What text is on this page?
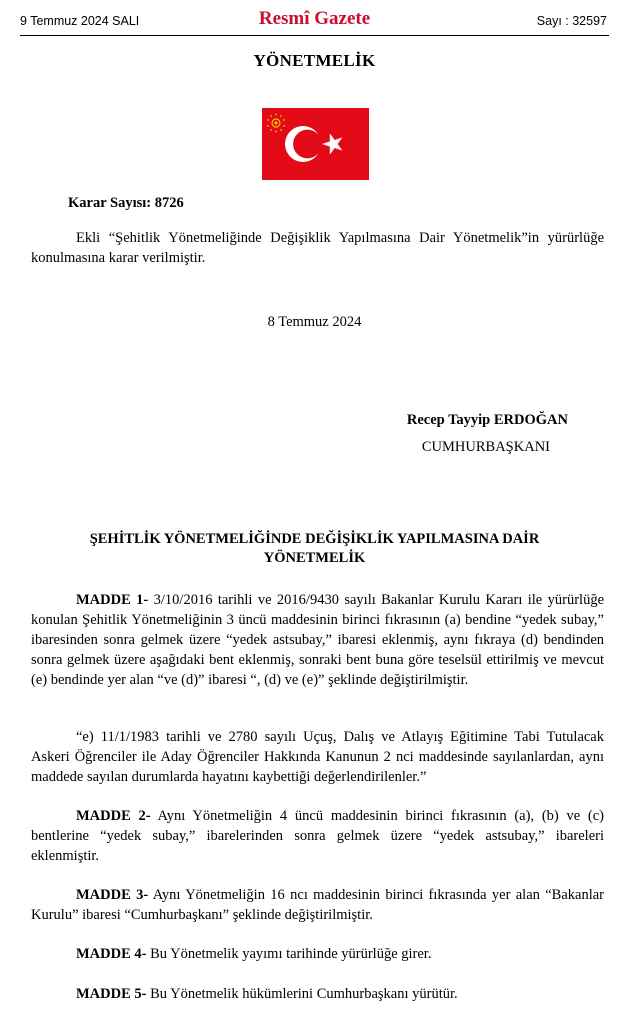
9 Temmuz 2024 SALI	Resmî Gazete	Sayı : 32597
YÖNETMELİK
Karar Sayısı: 8726

Ekli “Şehitlik Yönetmeliğinde Değişiklik Yapılmasına Dair Yönetmelik”in yürürlüğe konulmasına karar verilmiştir.

8 Temmuz 2024
Recep Tayyip ERDOĞAN
CUMHURBAŞKANI
ŞEHİTLİK YÖNETMELİĞİNDE DEĞİŞİKLİK YAPILMASINA DAİR YÖNETMELİK

MADDE 1- 3/10/2016 tarihli ve 2016/9430 sayılı Bakanlar Kurulu Kararı ile yürürlüğe konulan Şehitlik Yönetmeliğinin 3 üncü maddesinin birinci fıkrasının (a) bendine “yedek subay,” ibaresinden sonra gelmek üzere “yedek astsubay,” ibaresi eklenmiş, aynı fıkraya (d) bendinden sonra gelmek üzere aşağıdaki bent eklenmiş, sonraki bent buna göre teselsül ettirilmiş ve mevcut (e) bendinde yer alan “ve (d)” ibaresi “, (d) ve (e)” şeklinde değiştirilmiştir.

“e) 11/1/1983 tarihli ve 2780 sayılı Uçuş, Dalış ve Atlayış Eğitimine Tabi Tutulacak Askeri Öğrenciler ile Aday Öğrenciler Hakkında Kanunun 2 nci maddesinde sayılanlardan, aynı maddede sayılan durumlarda hayatını kaybettiği değerlendirilenler.”

MADDE 2- Aynı Yönetmeliğin 4 üncü maddesinin birinci fıkrasının (a), (b) ve (c) bentlerine “yedek subay,” ibarelerinden sonra gelmek üzere “yedek astsubay,” ibareleri eklenmiştir.

MADDE 3- Aynı Yönetmeliğin 16 ncı maddesinin birinci fıkrasında yer alan “Bakanlar Kurulu” ibaresi “Cumhurbaşkanı” şeklinde değiştirilmiştir.

MADDE 4- Bu Yönetmelik yayımı tarihinde yürürlüğe girer.

MADDE 5- Bu Yönetmelik hükümlerini Cumhurbaşkanı yürütür.
